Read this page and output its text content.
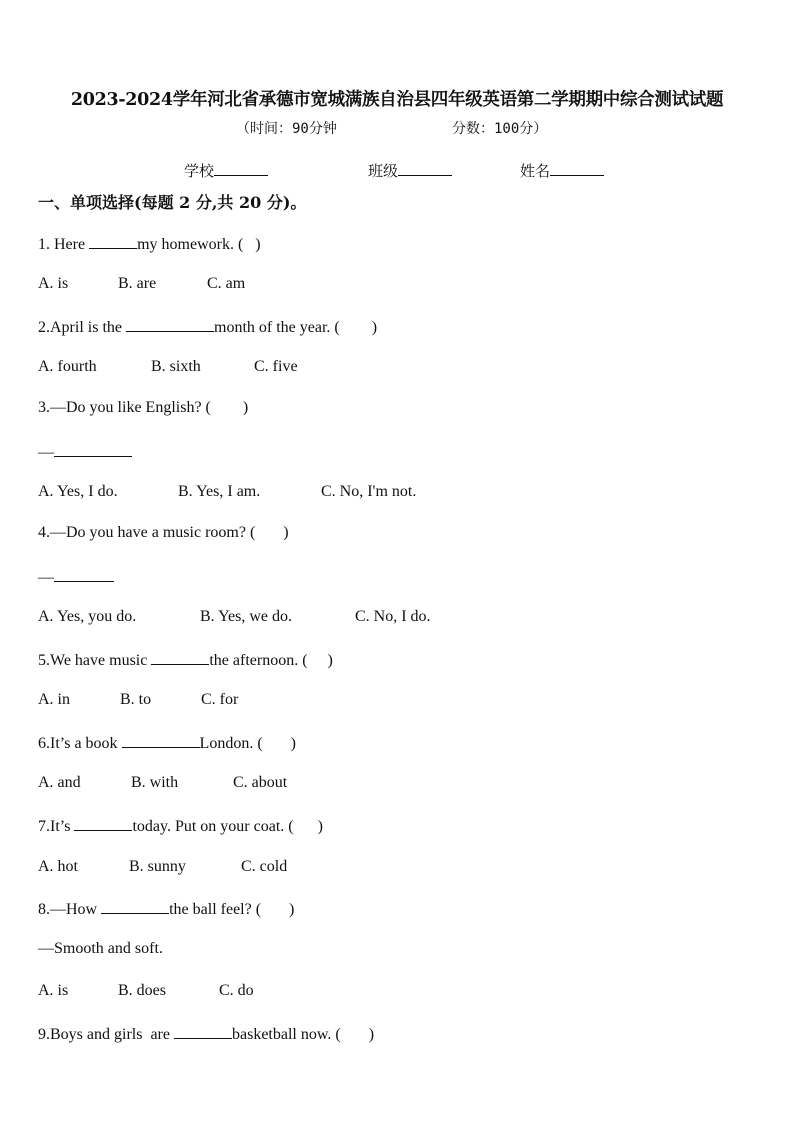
2023-2024学年河北省承德市宽城满族自治县四年级英语第二学期期中综合测试试题
（时间：90分钟	分数：100分）
学校	班级	姓名
一、单项选择(每题 2 分,共 20 分)。
1. Here	my homework. (   )
A. is	B. are	C. am
2.April is the	month of the year. (        )
A. fourth	B. sixth	C. five
3.—Do you like English? (        )
—
A. Yes, I do.	B. Yes, I am.	C. No, I'm not.
4.—Do you have a music room? (       )
—
A. Yes, you do.	B. Yes, we do.	C. No, I do.
5.We have music	the afternoon. (     )
A. in	B. to	C. for
6.It’s a book	London. (       )
A. and	B. with	C. about
7.It’s	today. Put on your coat. (      )
A. hot	B. sunny	C. cold
8.—How	the ball feel? (       )
—Smooth and soft.
A. is	B. does	C. do
9.Boys and girls  are	basketball now. (       )
